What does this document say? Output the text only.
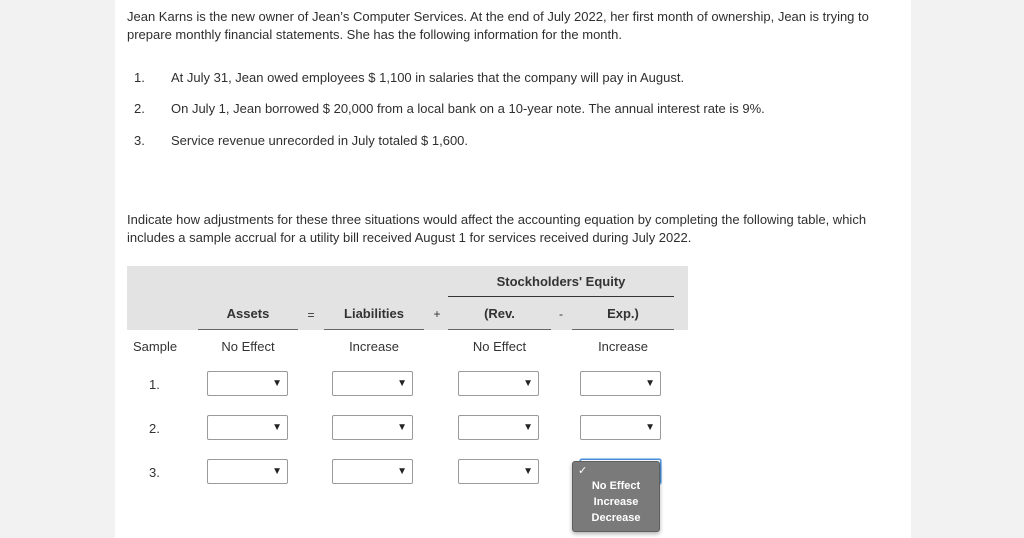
Jean Karns is the new owner of Jean’s Computer Services. At the end of July 2022, her first month of ownership, Jean is trying to prepare monthly financial statements. She has the following information for the month.
1.	At July 31, Jean owed employees $ 1,100 in salaries that the company will pay in August.
2.	On July 1, Jean borrowed $ 20,000 from a local bank on a 10-year note. The annual interest rate is 9%.
3.	Service revenue unrecorded in July totaled $ 1,600.
Indicate how adjustments for these three situations would affect the accounting equation by completing the following table, which includes a sample accrual for a utility bill received August 1 for services received during July 2022.
Stockholders' Equity
Assets	=	Liabilities	+	(Rev.	-	Exp.)
Sample	No Effect	Increase	No Effect	Increase
1.	▼	▼	▼	▼
2.	▼	▼	▼	▼
3.	▼	▼	▼	✓
No Effect
Increase
Decrease
